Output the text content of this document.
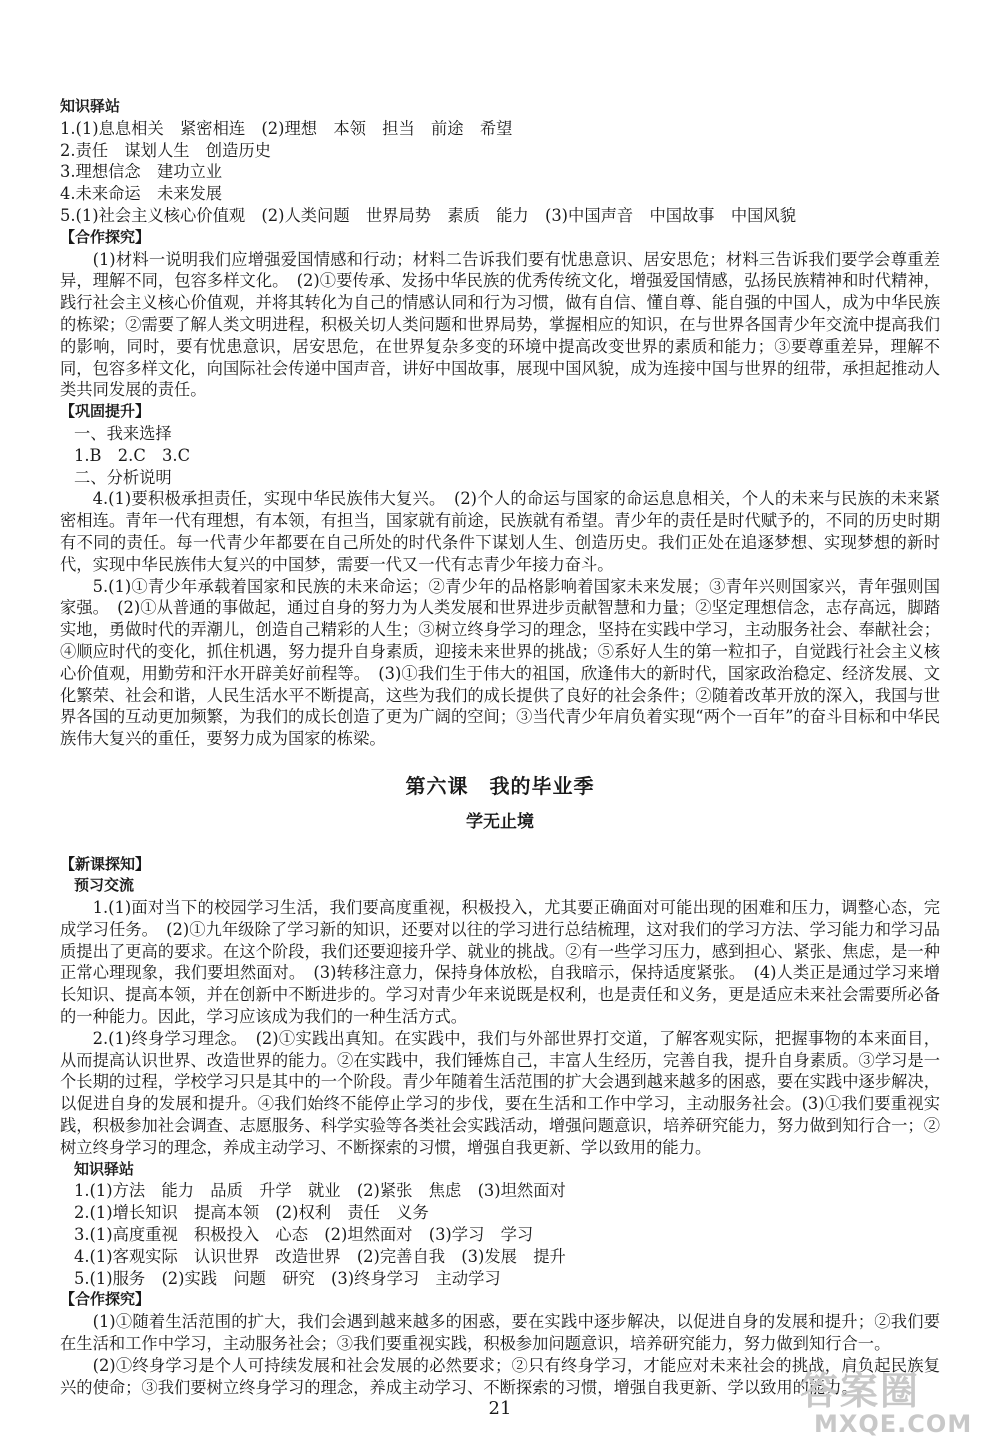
知识驿站

1.(1)息息相关　紧密相连　(2)理想　本领　担当　前途　希望

2.责任　谋划人生　创造历史

3.理想信念　建功立业

4.未来命运　未来发展

5.(1)社会主义核心价值观　(2)人类问题　世界局势　素质　能力　(3)中国声音　中国故事　中国风貌

【合作探究】

(1)材料一说明我们应增强爱国情感和行动；材料二告诉我们要有忧患意识、居安思危；材料三告诉我们要学会尊重差异，理解不同，包容多样文化。　(2)①要传承、发扬中华民族的优秀传统文化，增强爱国情感，弘扬民族精神和时代精神，践行社会主义核心价值观，并将其转化为自己的情感认同和行为习惯，做有自信、懂自尊、能自强的中国人，成为中华民族的栋梁；②需要了解人类文明进程，积极关切人类问题和世界局势，掌握相应的知识，在与世界各国青少年交流中提高我们的影响，同时，要有忧患意识，居安思危，在世界复杂多变的环境中提高改变世界的素质和能力；③要尊重差异，理解不同，包容多样文化，向国际社会传递中国声音，讲好中国故事，展现中国风貌，成为连接中国与世界的纽带，承担起推动人类共同发展的责任。

【巩固提升】

一、我来选择

1.B　2.C　3.C

二、分析说明

4.(1)要积极承担责任，实现中华民族伟大复兴。　(2)个人的命运与国家的命运息息相关，个人的未来与民族的未来紧密相连。青年一代有理想，有本领，有担当，国家就有前途，民族就有希望。青少年的责任是时代赋予的，不同的历史时期有不同的责任。每一代青少年都要在自己所处的时代条件下谋划人生、创造历史。我们正处在追逐梦想、实现梦想的新时代，实现中华民族伟大复兴的中国梦，需要一代又一代有志青少年接力奋斗。

5.(1)①青少年承载着国家和民族的未来命运；②青少年的品格影响着国家未来发展；③青年兴则国家兴，青年强则国家强。　(2)①从普通的事做起，通过自身的努力为人类发展和世界进步贡献智慧和力量；②坚定理想信念，志存高远，脚踏实地，勇做时代的弄潮儿，创造自己精彩的人生；③树立终身学习的理念，坚持在实践中学习，主动服务社会、奉献社会；④顺应时代的变化，抓住机遇，努力提升自身素质，迎接未来世界的挑战；⑤系好人生的第一粒扣子，自觉践行社会主义核心价值观，用勤劳和汗水开辟美好前程等。　(3)①我们生于伟大的祖国，欣逢伟大的新时代，国家政治稳定、经济发展、文化繁荣、社会和谐，人民生活水平不断提高，这些为我们的成长提供了良好的社会条件；②随着改革开放的深入，我国与世界各国的互动更加频繁，为我们的成长创造了更为广阔的空间；③当代青少年肩负着实现“两个一百年”的奋斗目标和中华民族伟大复兴的重任，要努力成为国家的栋梁。

第六课　我的毕业季
学无止境

【新课探知】

预习交流

1.(1)面对当下的校园学习生活，我们要高度重视，积极投入，尤其要正确面对可能出现的困难和压力，调整心态，完成学习任务。　(2)①九年级除了学习新的知识，还要对以往的学习进行总结梳理，这对我们的学习方法、学习能力和学习品质提出了更高的要求。在这个阶段，我们还要迎接升学、就业的挑战。②有一些学习压力，感到担心、紧张、焦虑，是一种正常心理现象，我们要坦然面对。　(3)转移注意力，保持身体放松，自我暗示，保持适度紧张。　(4)人类正是通过学习来增长知识、提高本领，并在创新中不断进步的。学习对青少年来说既是权利，也是责任和义务，更是适应未来社会需要所必备的一种能力。因此，学习应该成为我们的一种生活方式。

2.(1)终身学习理念。　(2)①实践出真知。在实践中，我们与外部世界打交道，了解客观实际，把握事物的本来面目，从而提高认识世界、改造世界的能力。②在实践中，我们锤炼自己，丰富人生经历，完善自我，提升自身素质。③学习是一个长期的过程，学校学习只是其中的一个阶段。青少年随着生活范围的扩大会遇到越来越多的困惑，要在实践中逐步解决，以促进自身的发展和提升。④我们始终不能停止学习的步伐，要在生活和工作中学习，主动服务社会。(3)①我们要重视实践，积极参加社会调查、志愿服务、科学实验等各类社会实践活动，增强问题意识，培养研究能力，努力做到知行合一；②树立终身学习的理念，养成主动学习、不断探索的习惯，增强自我更新、学以致用的能力。

知识驿站

1.(1)方法　能力　品质　升学　就业　(2)紧张　焦虑　(3)坦然面对

2.(1)增长知识　提高本领　(2)权利　责任　义务

3.(1)高度重视　积极投入　心态　(2)坦然面对　(3)学习　学习

4.(1)客观实际　认识世界　改造世界　(2)完善自我　(3)发展　提升

5.(1)服务　(2)实践　问题　研究　(3)终身学习　主动学习

【合作探究】

(1)①随着生活范围的扩大，我们会遇到越来越多的困惑，要在实践中逐步解决，以促进自身的发展和提升；②我们要在生活和工作中学习，主动服务社会；③我们要重视实践，积极参加问题意识，培养研究能力，努力做到知行合一。

(2)①终身学习是个人可持续发展和社会发展的必然要求；②只有终身学习，才能应对未来社会的挑战，肩负起民族复兴的使命；③我们要树立终身学习的理念，养成主动学习、不断探索的习惯，增强自我更新、学以致用的能力。

21	答案圈
MXQE.COM
